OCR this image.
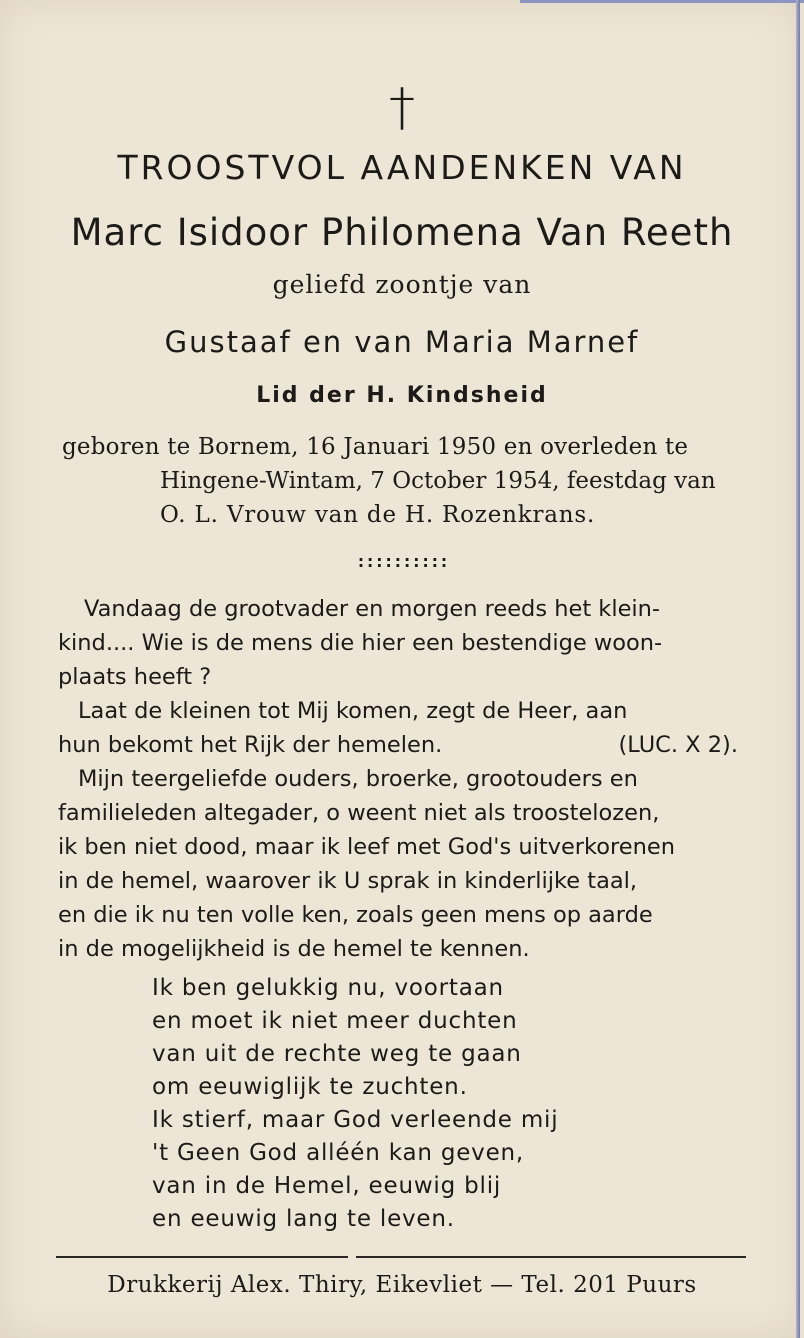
†
TROOSTVOL AANDENKEN VAN
Marc Isidoor Philomena Van Reeth
geliefd zoontje van
Gustaaf en van Maria Marnef
Lid der H. Kindsheid
geboren te Bornem, 16 Januari 1950 en overleden te
Hingene-Wintam, 7 October 1954, feestdag van
O. L. Vrouw van de H. Rozenkrans.
::::::::::
Vandaag de grootvader en morgen reeds het klein-
kind.... Wie is de mens die hier een bestendige woon-
plaats heeft ?
Laat de kleinen tot Mij komen, zegt de Heer, aan
hun bekomt het Rijk der hemelen.	(LUC. X 2).
Mijn teergeliefde ouders, broerke, grootouders en
familieleden altegader, o weent niet als troostelozen,
ik ben niet dood, maar ik leef met God's uitverkorenen
in de hemel, waarover ik U sprak in kinderlijke taal,
en die ik nu ten volle ken, zoals geen mens op aarde
in de mogelijkheid is de hemel te kennen.
Ik ben gelukkig nu, voortaan
en moet ik niet meer duchten
van uit de rechte weg te gaan
om eeuwiglijk te zuchten.
Ik stierf, maar God verleende mij
't Geen God alléén kan geven,
van in de Hemel, eeuwig blij
en eeuwig lang te leven.
Drukkerij Alex. Thiry, Eikevliet — Tel. 201 Puurs
